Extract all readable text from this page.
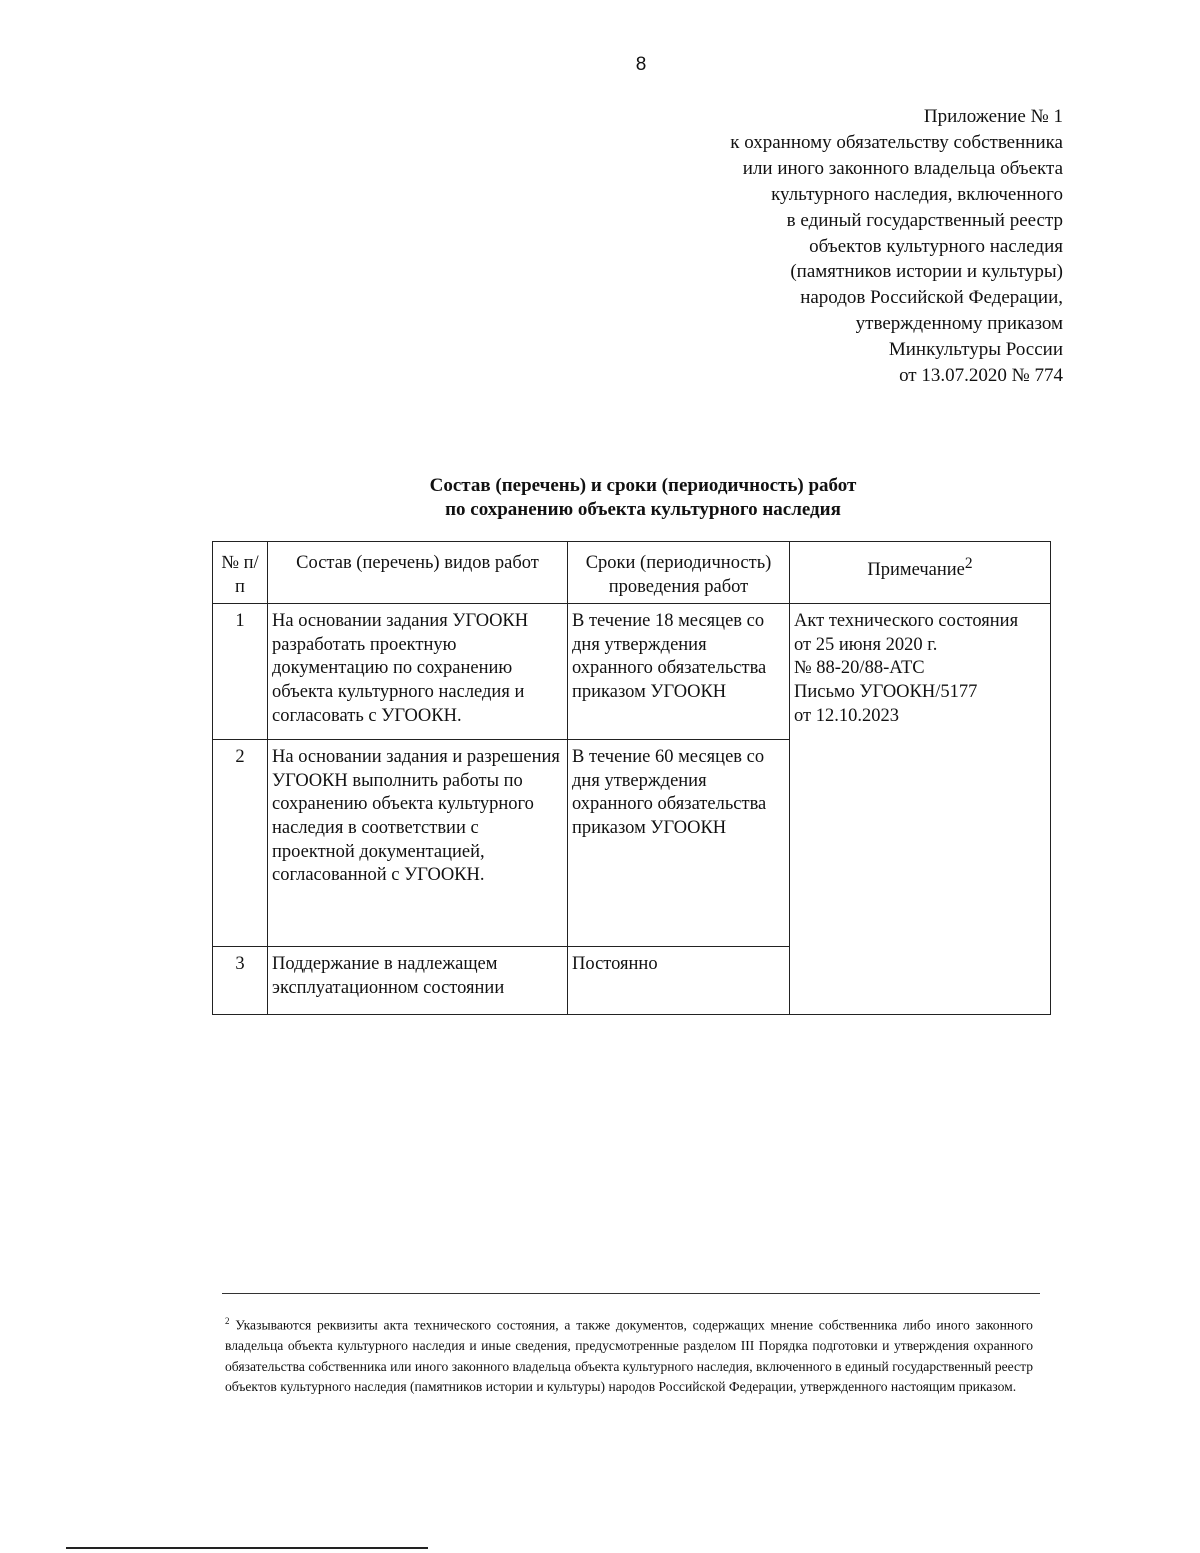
8
Приложение № 1
к охранному обязательству собственника
или иного законного владельца объекта
культурного наследия, включенного
в единый государственный реестр
объектов культурного наследия
(памятников истории и культуры)
народов Российской Федерации,
утвержденному приказом
Минкультуры России
от 13.07.2020 № 774
Состав (перечень) и сроки (периодичность) работ
по сохранению объекта культурного наследия
№ п/п	Состав (перечень) видов работ	Сроки (периодичность) проведения работ	Примечание$^2$
1	На основании задания УГООКН разработать проектную документацию по сохранению объекта культурного наследия и согласовать с УГООКН.	В течение 18 месяцев со дня утверждения охранного обязательства приказом УГООКН	Акт технического состояния
от 25 июня 2020 г.
№ 88-20/88-АТС
Письмо УГООКН/5177
от 12.10.2023
2	На основании задания и разрешения УГООКН выполнить работы по сохранению объекта культурного наследия в соответствии с проектной документацией, согласованной с УГООКН.	В течение 60 месяцев со дня утверждения охранного обязательства приказом УГООКН	
3	Поддержание в надлежащем эксплуатационном состоянии	Постоянно	
$^2$ Указываются реквизиты акта технического состояния, а также документов, содержащих мнение собственника либо иного законного владельца объекта культурного наследия и иные сведения, предусмотренные разделом III Порядка подготовки и утверждения охранного обязательства собственника или иного законного владельца объекта культурного наследия, включенного в единый государственный реестр объектов культурного наследия (памятников истории и культуры) народов Российской Федерации, утвержденного настоящим приказом.
